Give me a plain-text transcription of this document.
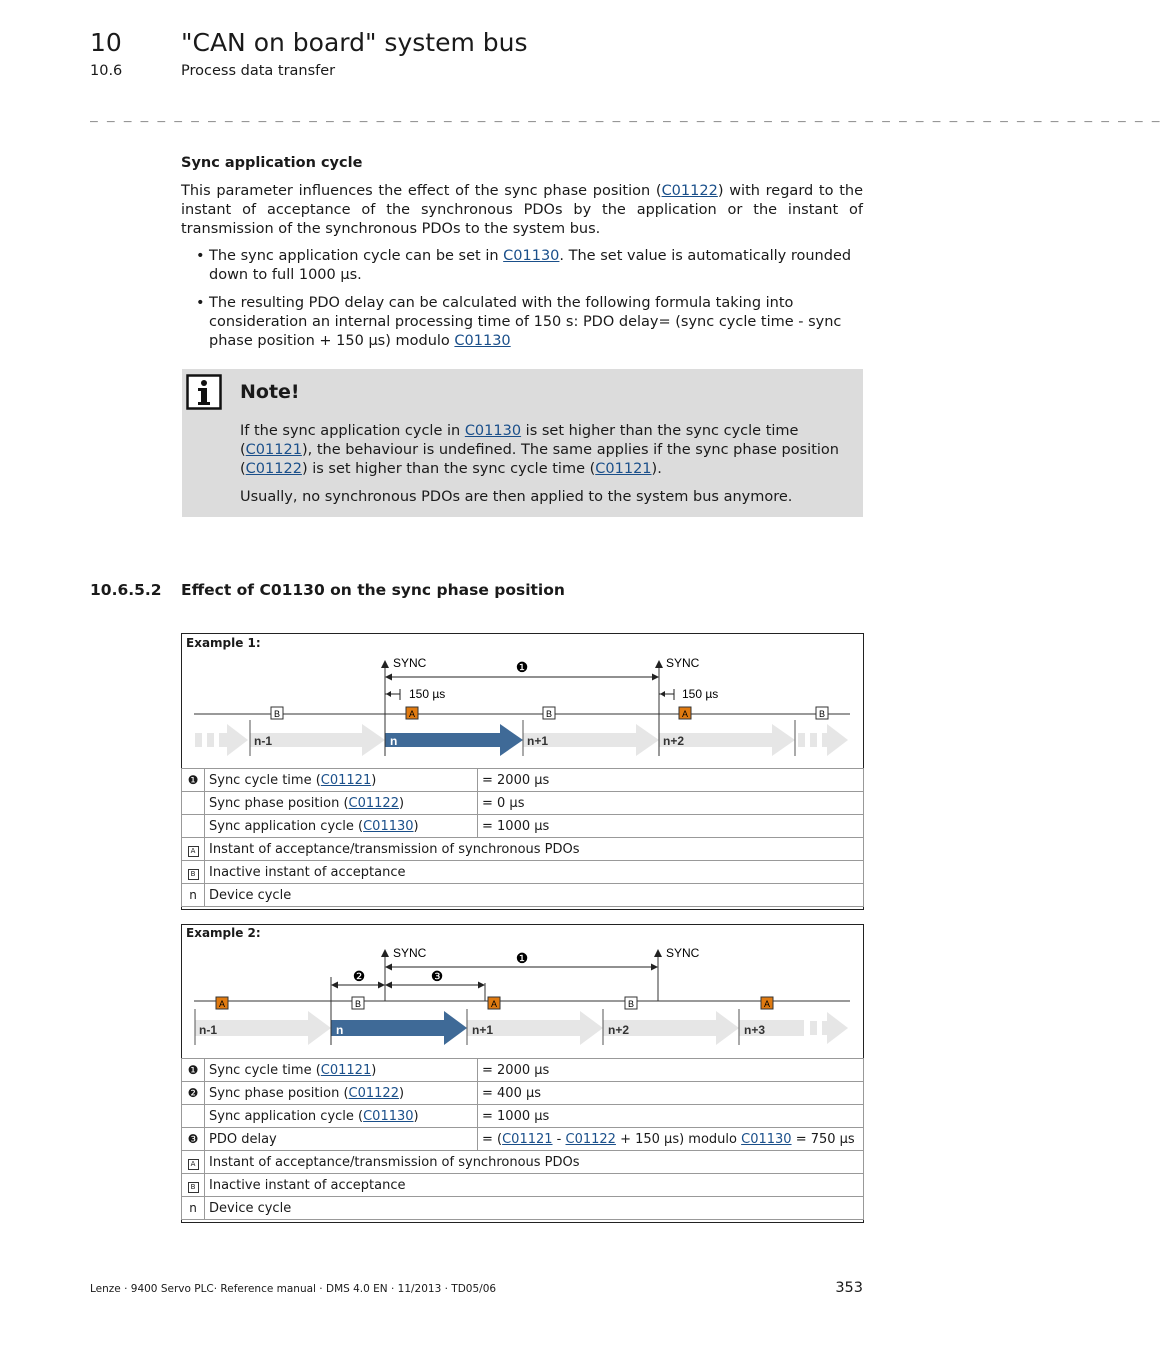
10 "CAN on board" system bus
10.6	Process data transfer
_ _ _ _ _ _ _ _ _ _ _ _ _ _ _ _ _ _ _ _ _ _ _ _ _ _ _ _ _ _ _ _ _ _ _ _ _ _ _ _ _ _ _ _ _ _ _ _ _ _ _ _ _ _ _ _ _ _ _ _ _ _ _ _
Sync application cycle
This parameter influences the effect of the sync phase position (C01122) with regard to the instant of acceptance of the synchronous PDOs by the application or the instant of transmission of the synchronous PDOs to the system bus.
• The sync application cycle can be set in C01130. The set value is automatically rounded down to full 1000 µs.
• The resulting PDO delay can be calculated with the following formula taking into consideration an internal processing time of 150 s: PDO delay= (sync cycle time - sync phase position + 150 µs) modulo C01130
Note!
If the sync application cycle in C01130 is set higher than the sync cycle time (C01121), the behaviour is undefined. The same applies if the sync phase position (C01122) is set higher than the sync cycle time (C01121).
Usually, no synchronous PDOs are then applied to the system bus anymore.
10.6.5.2 Effect of C01130 on the sync phase position
Example 1:
SYNC	SYNC
❶
150 µs	150 µs
B	A	B	A	B
n-1	n	n+1	n+2
❶	Sync cycle time (C01121)	= 2000 µs
	Sync phase position (C01122)	= 0 µs
	Sync application cycle (C01130)	= 1000 µs
A	Instant of acceptance/transmission of synchronous PDOs	
B	Inactive instant of acceptance	
n	Device cycle	
Example 2:
SYNC	SYNC
❶
❷	❸
A	B	A	B	A
n-1	n	n+1	n+2	n+3
❶	Sync cycle time (C01121)	= 2000 µs
❷	Sync phase position (C01122)	= 400 µs
	Sync application cycle (C01130)	= 1000 µs
❸	PDO delay	= (C01121 - C01122 + 150 µs) modulo C01130 = 750 µs
A	Instant of acceptance/transmission of synchronous PDOs	
B	Inactive instant of acceptance	
n	Device cycle	
Lenze · 9400 Servo PLC· Reference manual · DMS 4.0 EN · 11/2013 · TD05/06	353
